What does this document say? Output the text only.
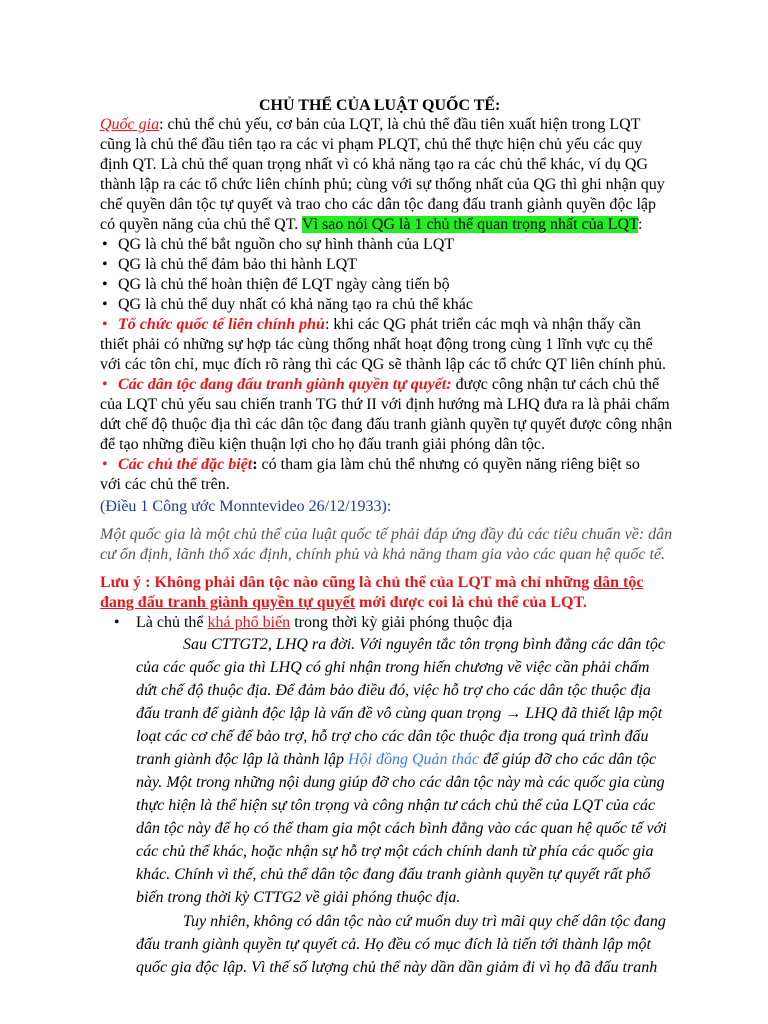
CHỦ THỂ CỦA LUẬT QUỐC TẾ:
Quốc gia: chủ thể chủ yếu, cơ bản của LQT, là chủ thể đầu tiên xuất hiện trong LQT
cũng là chủ thể đầu tiên tạo ra các vi phạm PLQT, chủ thể thực hiện chủ yếu các quy
định QT. Là chủ thể quan trọng nhất vì có khả năng tạo ra các chủ thể khác, ví dụ QG
thành lập ra các tổ chức liên chính phủ; cùng với sự thống nhất của QG thì ghi nhận quy
chế quyền dân tộc tự quyết và trao cho các dân tộc đang đấu tranh giành quyền độc lập
có quyền năng của chủ thể QT. Vì sao nói QG là 1 chủ thể quan trọng nhất của LQT:
• QG là chủ thể bắt nguồn cho sự hình thành của LQT
• QG là chủ thể đảm bảo thi hành LQT
• QG là chủ thể hoàn thiện để LQT ngày càng tiến bộ
• QG là chủ thể duy nhất có khả năng tạo ra chủ thể khác
• Tổ chức quốc tế liên chính phủ: khi các QG phát triển các mqh và nhận thấy cần
thiết phải có những sự hợp tác cùng thống nhất hoạt động trong cùng 1 lĩnh vực cụ thể
với các tôn chỉ, mục đích rõ ràng thì các QG sẽ thành lập các tổ chức QT liên chính phủ.
• Các dân tộc đang đấu tranh giành quyền tự quyết: được công nhận tư cách chủ thể
của LQT chủ yếu sau chiến tranh TG thứ II với định hướng mà LHQ đưa ra là phải chấm
dứt chế độ thuộc địa thì các dân tộc đang đấu tranh giành quyền tự quyết được công nhận
để tạo những điều kiện thuận lợi cho họ đấu tranh giải phóng dân tộc.
• Các chủ thể đặc biệt: có tham gia làm chủ thể nhưng có quyền năng riêng biệt so
với các chủ thể trên.
(Điều 1 Công ước Monntevideo 26/12/1933):
Một quốc gia là một chủ thể của luật quốc tế phải đáp ứng đầy đủ các tiêu chuẩn về: dân
cư ổn định, lãnh thổ xác định, chính phủ và khả năng tham gia vào các quan hệ quốc tế.
Lưu ý : Không phải dân tộc nào cũng là chủ thể của LQT mà chỉ những dân tộc
đang đấu tranh giành quyền tự quyết mới được coi là chủ thể của LQT.
• Là chủ thể khá phổ biến trong thời kỳ giải phóng thuộc địa
Sau CTTGT2, LHQ ra đời. Với nguyên tắc tôn trọng bình đẳng các dân tộc
của các quốc gia thì LHQ có ghi nhận trong hiến chương về việc cần phải chấm
dứt chế độ thuộc địa. Để đảm bảo điều đó, việc hỗ trợ cho các dân tộc thuộc địa
đấu tranh để giành độc lập là vấn đề vô cùng quan trọng → LHQ đã thiết lập một
loạt các cơ chế để bảo trợ, hỗ trợ cho các dân tộc thuộc địa trong quá trình đấu
tranh giành độc lập là thành lập Hội đồng Quản thác để giúp đỡ cho các dân tộc
này. Một trong những nội dung giúp đỡ cho các dân tộc này mà các quốc gia cùng
thực hiện là thể hiện sự tôn trọng và công nhận tư cách chủ thể của LQT của các
dân tộc này để họ có thể tham gia một cách bình đẳng vào các quan hệ quốc tế với
các chủ thể khác, hoặc nhận sự hỗ trợ một cách chính danh từ phía các quốc gia
khác. Chính vì thế, chủ thể dân tộc đang đấu tranh giành quyền tự quyết rất phổ
biến trong thời kỳ CTTG2 về giải phóng thuộc địa.
Tuy nhiên, không có dân tộc nào cứ muốn duy trì mãi quy chế dân tộc đang
đấu tranh giành quyền tự quyết cả. Họ đều có mục đích là tiến tới thành lập một
quốc gia độc lập. Vì thế số lượng chủ thể này dần dần giảm đi vì họ đã đấu tranh
